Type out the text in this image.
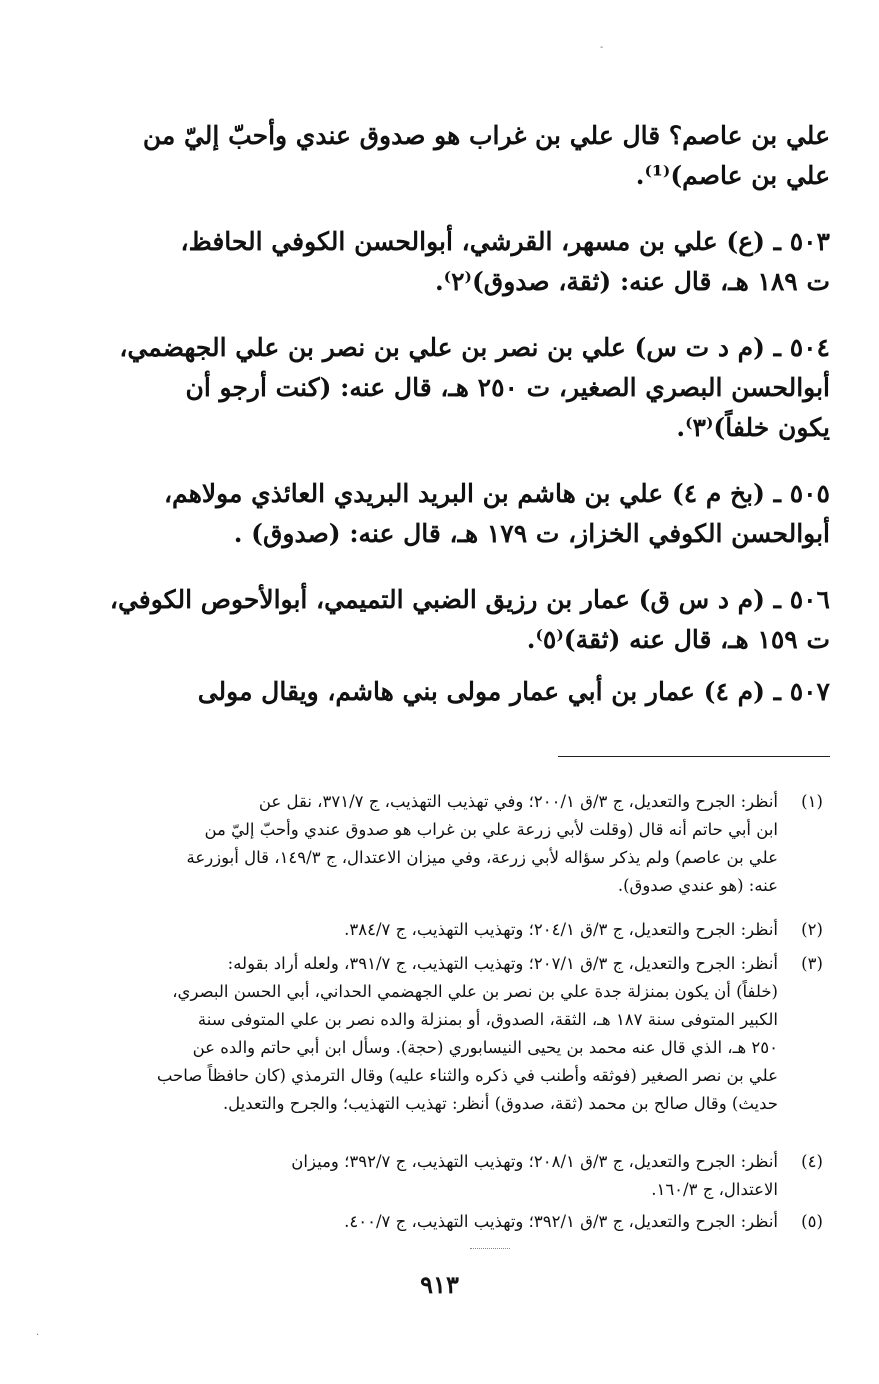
-
علي بن عاصم؟ قال علي بن غراب هو صدوق عندي وأحبّ إليّ من
علي بن عاصم)⁽¹⁾.
٥٠٣ ـ (ع) علي بن مسهر، القرشي، أبوالحسن الكوفي الحافظ،
ت ١٨٩ هـ، قال عنه: (ثقة، صدوق)⁽٢⁾.
٥٠٤ ـ (م د ت س) علي بن نصر بن علي بن نصر بن علي الجهضمي،
أبوالحسن البصري الصغير، ت ٢٥٠ هـ، قال عنه: (كنت أرجو أن
يكون خلفاً)⁽٣⁾.
٥٠٥ ـ (بخ م ٤) علي بن هاشم بن البريد البريدي العائذي مولاهم،
أبوالحسن الكوفي الخزاز، ت ١٧٩ هـ، قال عنه: (صدوق) .
٥٠٦ ـ (م د س ق) عمار بن رزيق الضبي التميمي، أبوالأحوص الكوفي،
ت ١٥٩ هـ، قال عنه (ثقة)⁽٥⁾.
٥٠٧ ـ (م ٤) عمار بن أبي عمار مولى بني هاشم، ويقال مولى
(١)
أنظر: الجرح والتعديل، ج ٣/ق ٢٠٠/١؛ وفي تهذيب التهذيب، ج ٣٧١/٧، نقل عن
ابن أبي حاتم أنه قال (وقلت لأبي زرعة علي بن غراب هو صدوق عندي وأحبّ إليّ من
علي بن عاصم) ولم يذكر سؤاله لأبي زرعة، وفي ميزان الاعتدال، ج ١٤٩/٣، قال أبوزرعة
عنه: (هو عندي صدوق).
(٢)
أنظر: الجرح والتعديل، ج ٣/ق ٢٠٤/١؛ وتهذيب التهذيب، ج ٣٨٤/٧.
(٣)
أنظر: الجرح والتعديل، ج ٣/ق ٢٠٧/١؛ وتهذيب التهذيب، ج ٣٩١/٧، ولعله أراد بقوله:
(خلفاً) أن يكون بمنزلة جدة علي بن نصر بن علي الجهضمي الحداني، أبي الحسن البصري،
الكبير المتوفى سنة ١٨٧ هـ، الثقة، الصدوق، أو بمنزلة والده نصر بن علي المتوفى سنة
٢٥٠ هـ، الذي قال عنه محمد بن يحيى النيسابوري (حجة). وسأل ابن أبي حاتم والده عن
علي بن نصر الصغير (فوثقه وأطنب في ذكره والثناء عليه) وقال الترمذي (كان حافظاً صاحب
حديث) وقال صالح بن محمد (ثقة، صدوق) أنظر: تهذيب التهذيب؛ والجرح والتعديل.
(٤)
أنظر: الجرح والتعديل، ج ٣/ق ٢٠٨/١؛ وتهذيب التهذيب، ج ٣٩٢/٧؛ وميزان
الاعتدال، ج ١٦٠/٣.
(٥)
أنظر: الجرح والتعديل، ج ٣/ق ٣٩٢/١؛ وتهذيب التهذيب، ج ٤٠٠/٧.
٩١٣
·
